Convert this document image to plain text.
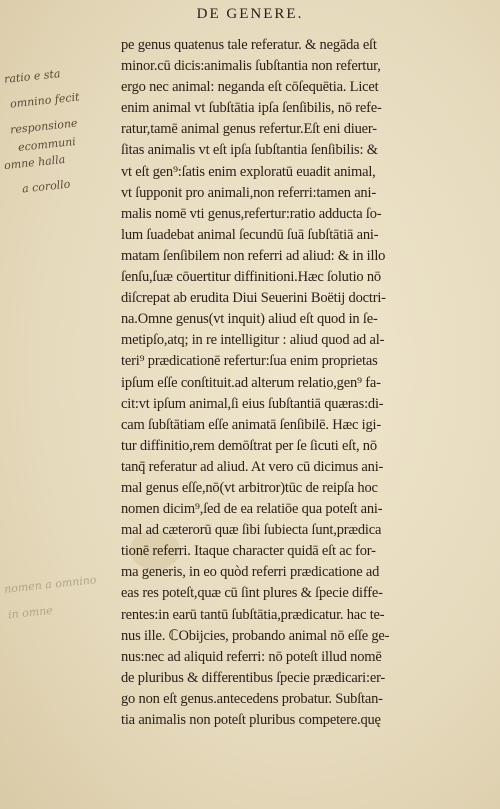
DE GENERE.
ratio e sta
omnino fecit
responsione
ecommuni
omne halla
a corollo
nomen a omnino
in omne
pe genus quatenus tale referatur. & negāda eſt
minor.cū dicis:animalis ſubſtantia non refertur,
ergo nec animal: neganda eſt cōſequētia. Licet
enim animal vt ſubſtātia ipſa ſenſibilis, nō refe-
ratur,tamē animal genus refertur.Eſt eni diuer-
ſitas animalis vt eſt ipſa ſubſtantia ſenſibilis: &
vt eſt gen⁹:ſatis enim exploratū euadit animal,
vt ſupponit pro animali,non referri:tamen ani-
malis nomē vti genus,refertur:ratio adducta ſo-
lum ſuadebat animal ſecundū ſuā ſubſtātiā ani-
matam ſenſibilem non referri ad aliud: & in illo
ſenſu,ſuæ cōuertitur diffinitioni.Hæc ſolutio nō
diſcrepat ab erudita Diui Seuerini Boëtij doctri-
na.Omne genus(vt inquit) aliud eſt quod in ſe-
metipſo,atq; in re intelligitur : aliud quod ad al-
teri⁹ prædicationē refertur:ſua enim proprietas
ipſum eſſe conſtituit.ad alterum relatio,gen⁹ fa-
cit:vt ipſum animal,ſi eius ſubſtantiā quæras:di-
cam ſubſtātiam eſſe animatā ſenſibilē. Hæc igi-
tur diffinitio,rem demōſtrat per ſe ſicuti eſt, nō
tanq̄ referatur ad aliud. At vero cū dicimus ani-
mal genus eſſe,nō(vt arbitror)tūc de reipſa hoc
nomen dicim⁹,ſed de ea relatiōe qua poteſt ani-
mal ad cæterorū quæ ſibi ſubiecta ſunt,prædica
tionē referri. Itaque character quidā eſt ac for-
ma generis, in eo quòd referri prædicatione ad
eas res poteſt,quæ cū ſint plures & ſpecie diffe-
rentes:in earū tantū ſubſtātia,prædicatur. hac te-
nus ille. ℂObijcies, probando animal nō eſſe ge-
nus:nec ad aliquid referri: nō poteſt illud nomē
de pluribus & differentibus ſpecie prædicari:er-
go non eſt genus.antecedens probatur. Subſtan-
tia animalis non poteſt pluribus competere.quę
